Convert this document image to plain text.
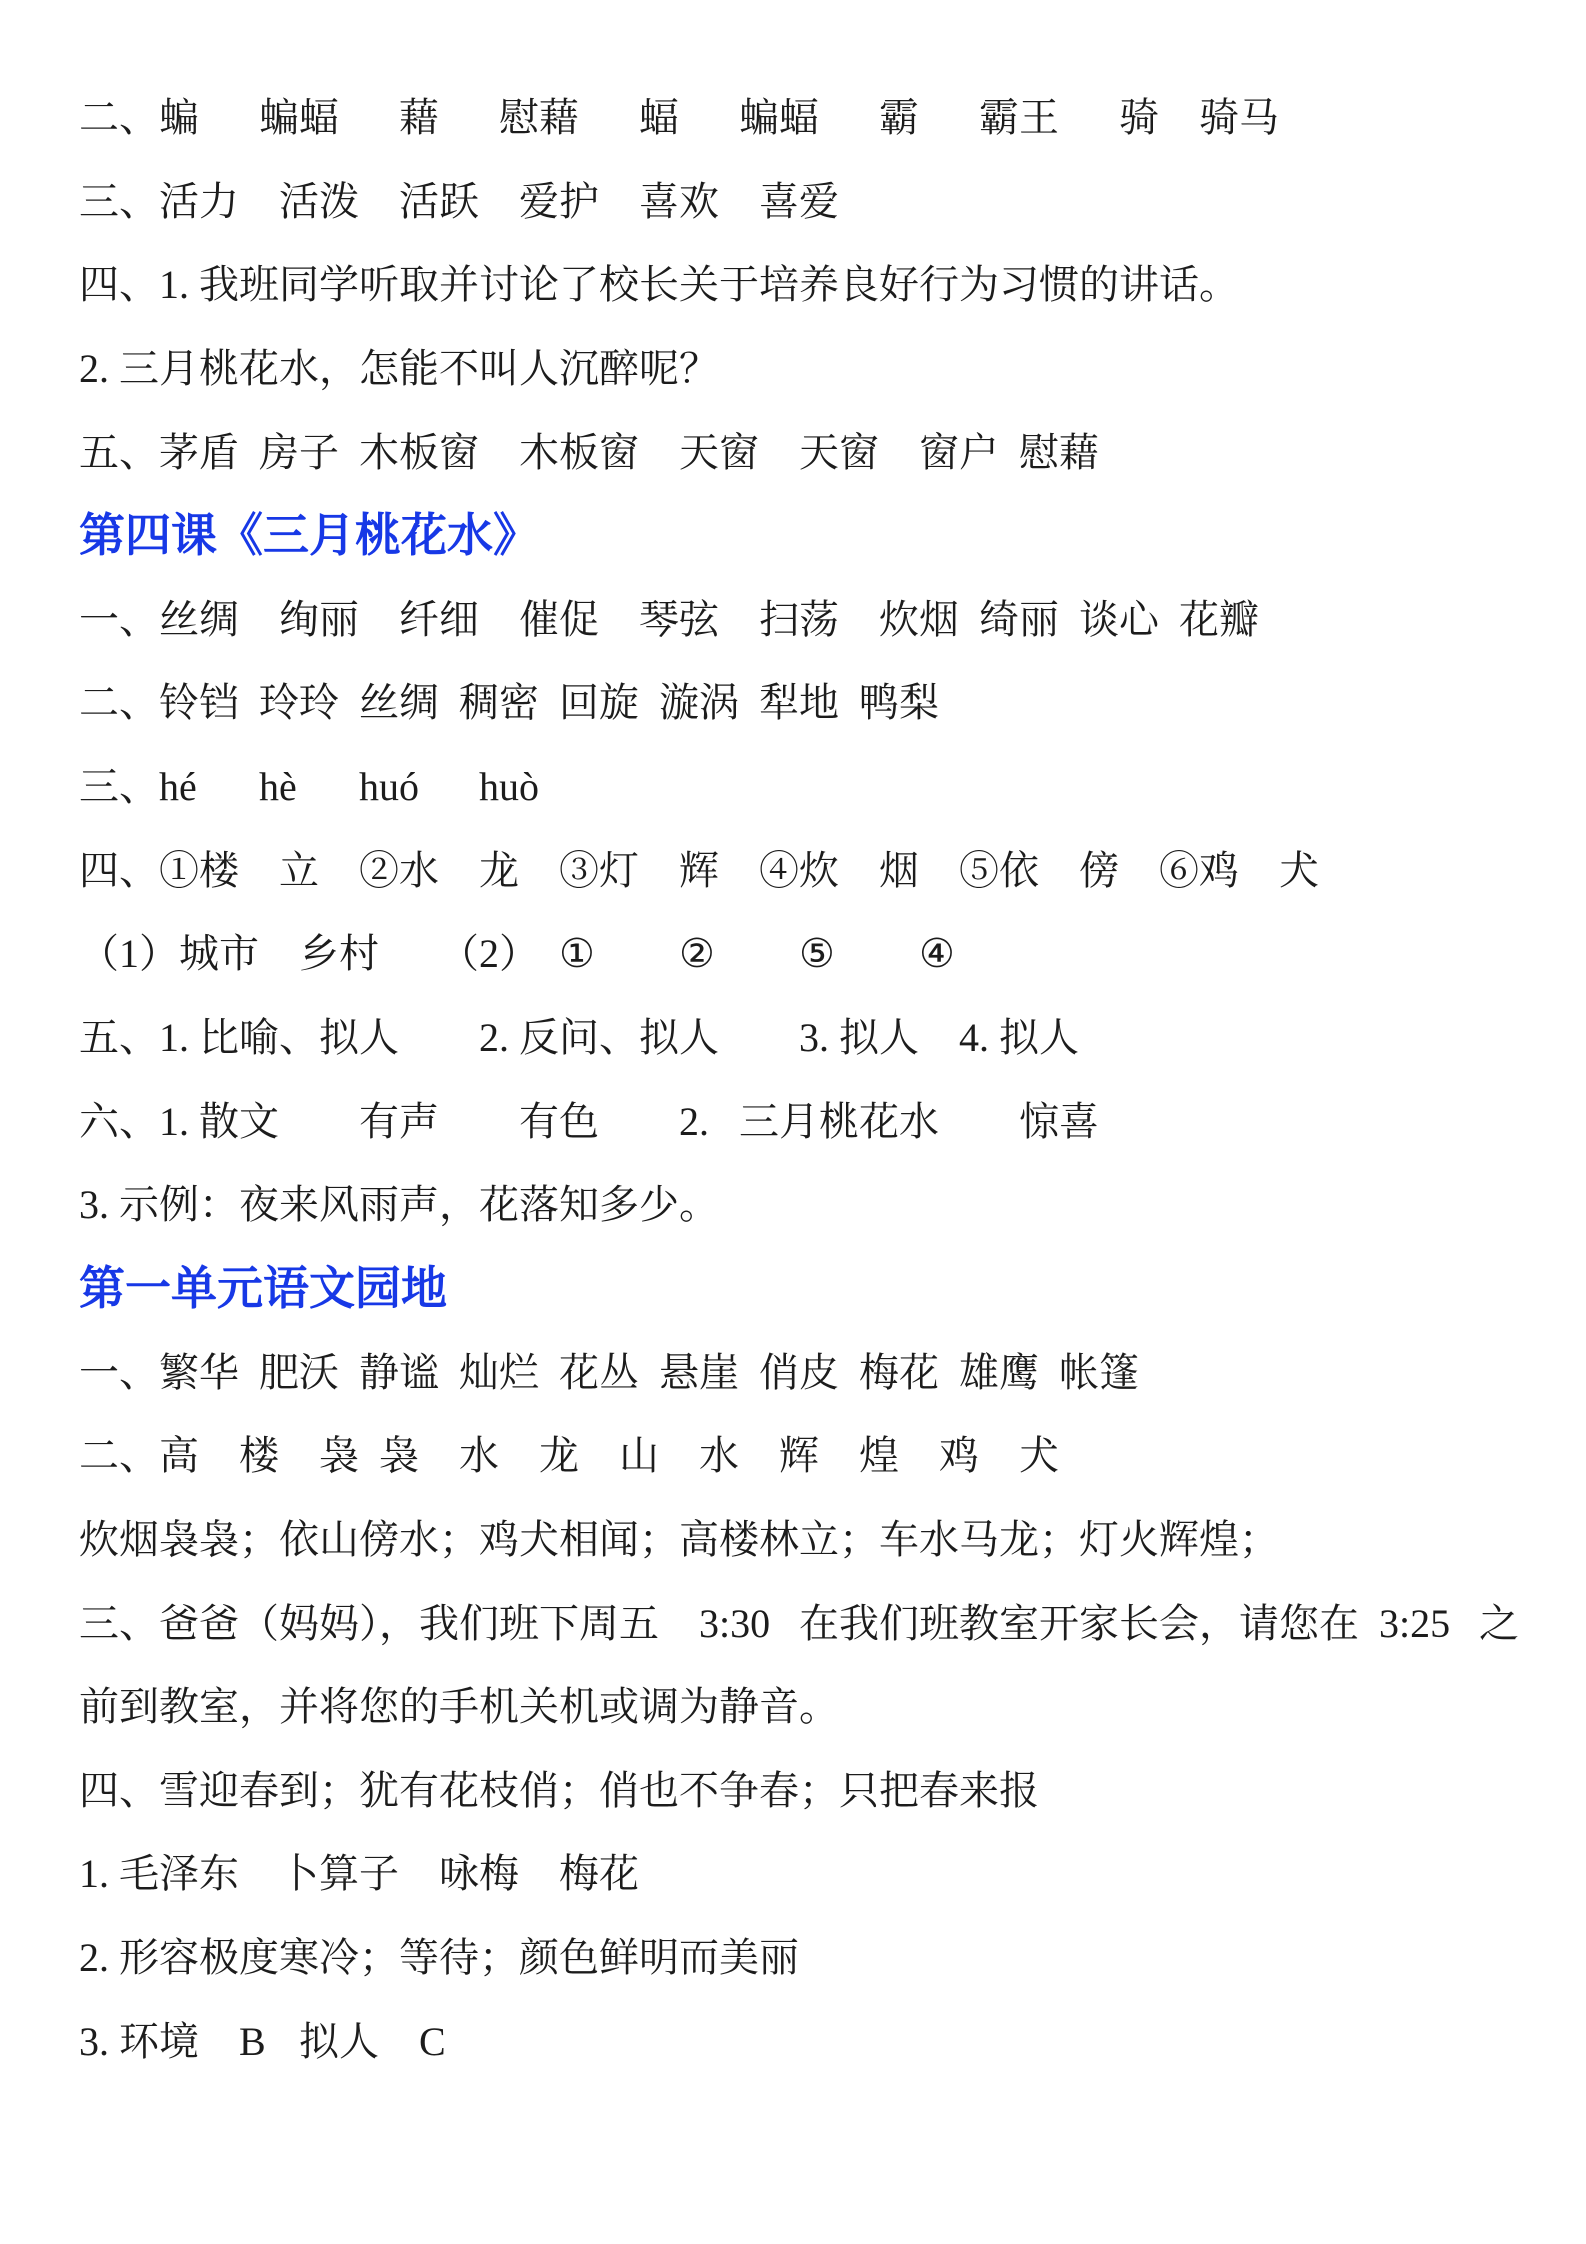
二、 蝙 蝙蝠 藉 慰藉 蝠 蝙蝠 霸 霸王 骑 骑马
三、 活力 活泼 活跃 爱护 喜欢 喜爱
四、 1. 我班同学听取并讨论了校长关于培养良好行为习惯的讲话。
2. 三月桃花水，怎能不叫人沉醉呢？
五、 茅盾 房子 木板窗 木板窗 天窗 天窗 窗户 慰藉
第四课《三月桃花水》
一、 丝绸 绚丽 纤细 催促 琴弦 扫荡 炊烟 绮丽 谈心 花瓣
二、 铃铛 玲玲 丝绸 稠密 回旋 漩涡 犁地 鸭梨
三、 hé hè huó huò
四、 ①楼 立 ②水 龙 ③灯 辉 ④炊 烟 ⑤依 傍 ⑥鸡 犬
（1） 城市 乡村 （2） ① ② ⑤ ④
五、 1. 比喻、拟人 2. 反问、拟人 3. 拟人 4. 拟人
六、 1. 散文 有声 有色 2. 三月桃花水 惊喜
3. 示例：夜来风雨声，花落知多少。
第一单元语文园地
一、 繁华 肥沃 静谧 灿烂 花丛 悬崖 俏皮 梅花 雄鹰 帐篷
二、 高 楼 袅 袅 水 龙 山 水 辉 煌 鸡 犬
炊烟袅袅；依山傍水；鸡犬相闻；高楼林立；车水马龙；灯火辉煌；
三、 爸爸（妈妈），我们班下周五 3:30 在我们班教室开家长会，请您在 3:25 之
前到教室，并将您的手机关机或调为静音。
四、 雪迎春到；犹有花枝俏；俏也不争春；只把春来报
1. 毛泽东 卜算子 咏梅 梅花
2. 形容极度寒冷；等待；颜色鲜明而美丽
3. 环境 B 拟人 C
